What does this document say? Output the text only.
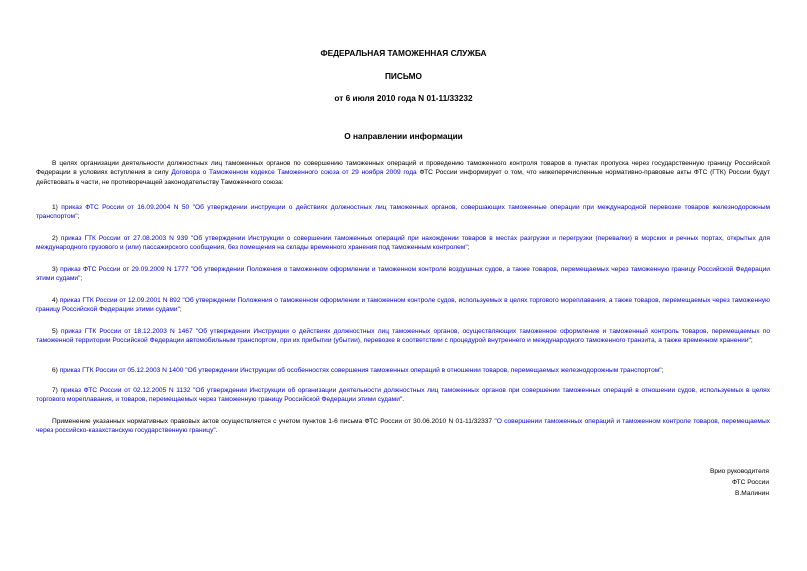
ФЕДЕРАЛЬНАЯ ТАМОЖЕННАЯ СЛУЖБА
ПИСЬМО
от 6 июля 2010 года N 01-11/33232
О направлении информации

В целях организации деятельности должностных лиц таможенных органов по совершению таможенных операций и проведению таможенного контроля товаров в пунктах пропуска через государственную границу Российской Федерации в условиях вступления в силу Договора о Таможенном кодексе Таможенного союза от 29 ноября 2009 года ФТС России информирует о том, что нижеперечисленные нормативно-правовые акты ФТС (ГТК) России будут действовать в части, не противоречащей законодательству Таможенного союза:

1) приказ ФТС России от 16.09.2004 N 50 "Об утверждении инструкции о действиях должностных лиц таможенных органов, совершающих таможенные операции при международной перевозке товаров железнодорожным транспортом";

2) приказ ГТК России от 27.08.2003 N 939 "Об утверждении Инструкции о совершении таможенных операций при нахождении товаров в местах разгрузки и перегрузки (перевалки) в морских и речных портах, открытых для международного грузового и (или) пассажирского сообщения, без помещения на склады временного хранения под таможенным контролем";

3) приказ ФТС России от 29.09.2009 N 1777 "Об утверждении Положения о таможенном оформлении и таможенном контроле воздушных судов, а также товаров, перемещаемых через таможенную границу Российской Федерации этими судами";

4) приказ ГТК России от 12.09.2001 N 892 "Об утверждении Положения о таможенном оформлении и таможенном контроле судов, используемых в целях торгового мореплавания, а также товаров, перемещаемых через таможенную границу Российской Федерации этими судами";

5) приказ ГТК России от 18.12.2003 N 1467 "Об утверждении Инструкции о действиях должностных лиц таможенных органов, осуществляющих таможенное оформление и таможенный контроль товаров, перемещаемых по таможенной территории Российской Федерации автомобильным транспортом, при их прибытии (убытии), перевозке в соответствии с процедурой внутреннего и международного таможенного транзита, а также временном хранении";

6) приказ ГТК России от 05.12.2003 N 1400 "Об утверждении Инструкции об особенностях совершения таможенных операций в отношении товаров, перемещаемых железнодорожным транспортом";

7) приказ ФТС России от 02.12.2005 N 1132 "Об утверждении Инструкции об организации деятельности должностных лиц таможенных органов при совершении таможенных операций в отношении судов, используемых в целях торгового мореплавания, и товаров, перемещаемых через таможенную границу Российской Федерации этими судами".

Применение указанных нормативных правовых актов осуществляется с учетом пунктов 1-6 письма ФТС России от 30.06.2010 N 01-11/32337 "О совершении таможенных операций и таможенном контроле товаров, перемещаемых через российско-казахстанскую государственную границу".

Врио руководителя
ФТС России
В.Малинин
